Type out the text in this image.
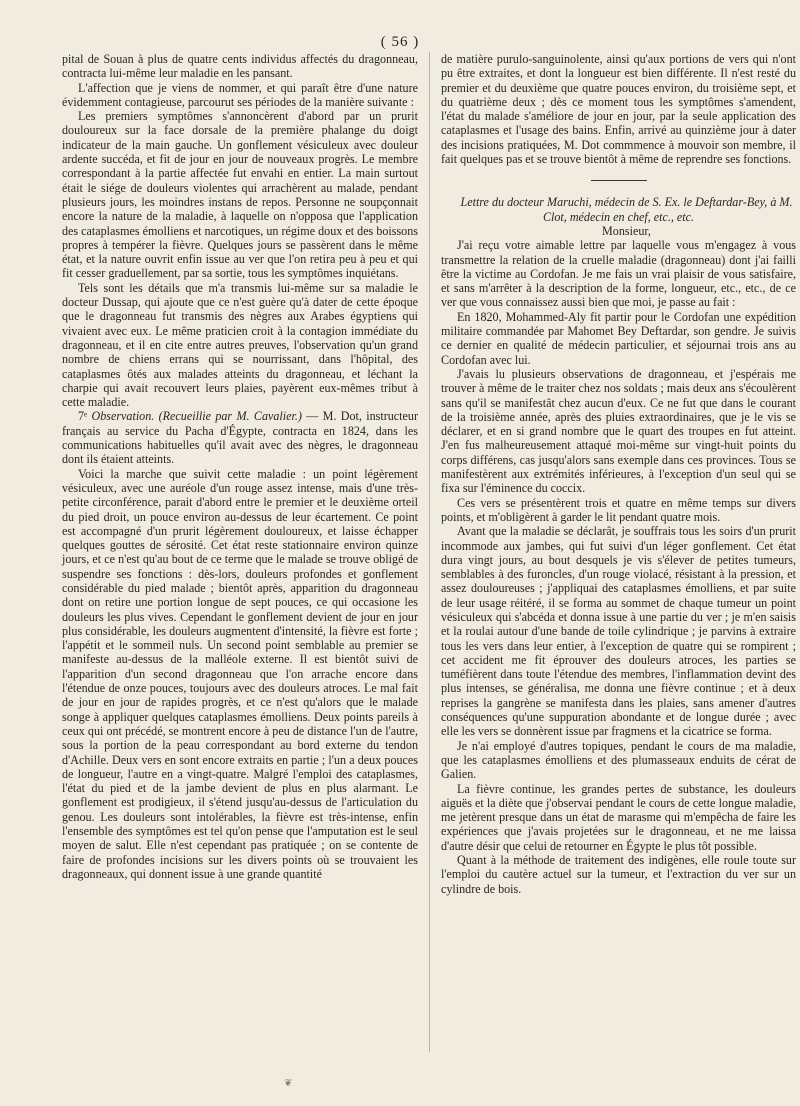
( 56 )

pital de Souan à plus de quatre cents individus affectés du dragonneau, contracta lui-même leur maladie en les pansant.

L'affection que je viens de nommer, et qui paraît être d'une nature évidemment contagieuse, parcourut ses périodes de la manière suivante :

Les premiers symptômes s'annoncèrent d'abord par un prurit douloureux sur la face dorsale de la première phalange du doigt indicateur de la main gauche. Un gonflement vésiculeux avec douleur ardente succéda, et fit de jour en jour de nouveaux progrès. Le membre correspondant à la partie affectée fut envahi en entier. La main surtout était le siége de douleurs violentes qui arrachèrent au malade, pendant plusieurs jours, les moindres instans de repos. Personne ne soupçonnait encore la nature de la maladie, à laquelle on n'opposa que l'application des cataplasmes émolliens et narcotiques, un régime doux et des boissons propres à tempérer la fièvre. Quelques jours se passèrent dans le même état, et la nature ouvrit enfin issue au ver que l'on retira peu à peu et qui fit cesser graduellement, par sa sortie, tous les symptômes inquiétans.

Tels sont les détails que m'a transmis lui-même sur sa maladie le docteur Dussap, qui ajoute que ce n'est guère qu'à dater de cette époque que le dragonneau fut transmis des nègres aux Arabes égyptiens qui vivaient avec eux. Le même praticien croit à la contagion immédiate du dragonneau, et il en cite entre autres preuves, l'observation qu'un grand nombre de chiens errans qui se nourrissant, dans l'hôpital, des cataplasmes ôtés aux malades atteints du dragonneau, et léchant la charpie qui avait recouvert leurs plaies, payèrent eux-mêmes tribut à cette maladie.

7ᵉ Observation. (Recueillie par M. Cavalier.) — M. Dot, instructeur français au service du Pacha d'Égypte, contracta en 1824, dans les communications habituelles qu'il avait avec des nègres, le dragonneau dont ils étaient atteints.

Voici la marche que suivit cette maladie : un point légèrement vésiculeux, avec une auréole d'un rouge assez intense, mais d'une très-petite circonférence, parait d'abord entre le premier et le deuxième orteil du pied droit, un pouce environ au-dessus de leur écartement. Ce point est accompagné d'un prurit légèrement douloureux, et laisse échapper quelques gouttes de sérosité. Cet état reste stationnaire environ quinze jours, et ce n'est qu'au bout de ce terme que le malade se trouve obligé de suspendre ses fonctions : dès-lors, douleurs profondes et gonflement considérable du pied malade ; bientôt après, apparition du dragonneau dont on retire une portion longue de sept pouces, ce qui occasione les douleurs les plus vives. Cependant le gonflement devient de jour en jour plus considérable, les douleurs augmentent d'intensité, la fièvre est forte ; l'appétit et le sommeil nuls. Un second point semblable au premier se manifeste au-dessus de la malléole externe. Il est bientôt suivi de l'apparition d'un second dragonneau que l'on arrache encore dans l'étendue de onze pouces, toujours avec des douleurs atroces. Le mal fait de jour en jour de rapides progrès, et ce n'est qu'alors que le malade songe à appliquer quelques cataplasmes émolliens. Deux points pareils à ceux qui ont précédé, se montrent encore à peu de distance l'un de l'autre, sous la portion de la peau correspondant au bord externe du tendon d'Achille. Deux vers en sont encore extraits en partie ; l'un a deux pouces de longueur, l'autre en a vingt-quatre. Malgré l'emploi des cataplasmes, l'état du pied et de la jambe devient de plus en plus alarmant. Le gonflement est prodigieux, il s'étend jusqu'au-dessus de l'articulation du genou. Les douleurs sont intolérables, la fièvre est très-intense, enfin l'ensemble des symptômes est tel qu'on pense que l'amputation est le seul moyen de salut. Elle n'est cependant pas pratiquée ; on se contente de faire de profondes incisions sur les divers points où se trouvaient les dragonneaux, qui donnent issue à une grande quantité

de matière purulo-sanguinolente, ainsi qu'aux portions de vers qui n'ont pu être extraites, et dont la longueur est bien différente. Il n'est resté du premier et du deuxième que quatre pouces environ, du troisième sept, et du quatrième deux ; dès ce moment tous les symptômes s'amendent, l'état du malade s'améliore de jour en jour, par la seule application des cataplasmes et l'usage des bains. Enfin, arrivé au quinzième jour à dater des incisions pratiquées, M. Dot commmence à mouvoir son membre, il fait quelques pas et se trouve bientôt à même de reprendre ses fonctions.

Lettre du docteur Maruchi, médecin de S. Ex. le Deftardar-Bey, à M. Clot, médecin en chef, etc., etc.

Monsieur,

J'ai reçu votre aimable lettre par laquelle vous m'engagez à vous transmettre la relation de la cruelle maladie (dragonneau) dont j'ai failli être la victime au Cordofan. Je me fais un vrai plaisir de vous satisfaire, et sans m'arrêter à la description de la forme, longueur, etc., etc., de ce ver que vous connaissez aussi bien que moi, je passe au fait :

En 1820, Mohammed-Aly fit partir pour le Cordofan une expédition militaire commandée par Mahomet Bey Deftardar, son gendre. Je suivis ce dernier en qualité de médecin particulier, et séjournai trois ans au Cordofan avec lui.

J'avais lu plusieurs observations de dragonneau, et j'espérais me trouver à même de le traiter chez nos soldats ; mais deux ans s'écoulèrent sans qu'il se manifestât chez aucun d'eux. Ce ne fut que dans le courant de la troisième année, après des pluies extraordinaires, que je le vis se déclarer, et en si grand nombre que le quart des troupes en fut atteint. J'en fus malheureusement attaqué moi-même sur vingt-huit points du corps différens, cas jusqu'alors sans exemple dans ces provinces. Tous se manifestèrent aux extrémités inférieures, à l'exception d'un seul qui se fixa sur l'éminence du coccix.

Ces vers se présentèrent trois et quatre en même temps sur divers points, et m'obligèrent à garder le lit pendant quatre mois.

Avant que la maladie se déclarât, je souffrais tous les soirs d'un prurit incommode aux jambes, qui fut suivi d'un léger gonflement. Cet état dura vingt jours, au bout desquels je vis s'élever de petites tumeurs, semblables à des furoncles, d'un rouge violacé, résistant à la pression, et assez douloureuses ; j'appliquai des cataplasmes émolliens, et par suite de leur usage réitéré, il se forma au sommet de chaque tumeur un point vésiculeux qui s'abcéda et donna issue à une partie du ver ; je m'en saisis et la roulai autour d'une bande de toile cylindrique ; je parvins à extraire tous les vers dans leur entier, à l'exception de quatre qui se rompirent ; cet accident me fit éprouver des douleurs atroces, les parties se tuméfièrent dans toute l'étendue des membres, l'inflammation devint des plus intenses, se généralisa, me donna une fièvre continue ; et à deux reprises la gangrène se manifesta dans les plaies, sans amener d'autres conséquences qu'une suppuration abondante et de longue durée ; avec elle les vers se donnèrent issue par fragmens et la cicatrice se forma.

Je n'ai employé d'autres topiques, pendant le cours de ma maladie, que les cataplasmes émolliens et des plumasseaux enduits de cérat de Galien.

La fièvre continue, les grandes pertes de substance, les douleurs aiguës et la diète que j'observai pendant le cours de cette longue maladie, me jetèrent presque dans un état de marasme qui m'empêcha de faire les expériences que j'avais projetées sur le dragonneau, et ne me laissa d'autre désir que celui de retourner en Égypte le plus tôt possible.

Quant à la méthode de traitement des indigènes, elle roule toute sur l'emploi du cautère actuel sur la tumeur, et l'extraction du ver sur un cylindre de bois.

❦
